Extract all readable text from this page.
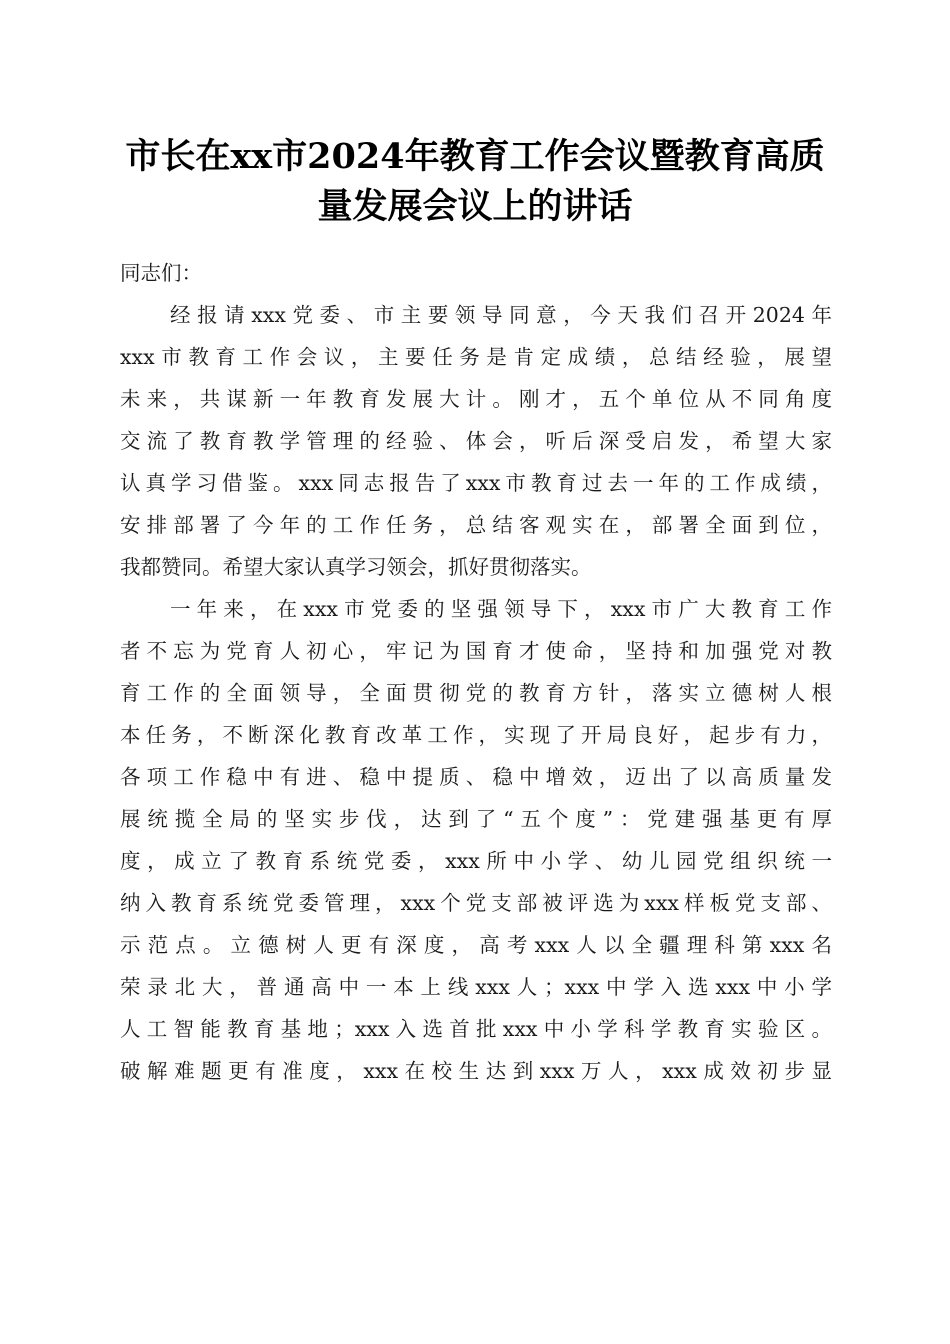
市长在xx市2024年教育工作会议暨教育高质
量发展会议上的讲话
同志们：
经报请xxx党委、市主要领导同意，今天我们召开2024年
xxx市教育工作会议，主要任务是肯定成绩，总结经验，展望
未来，共谋新一年教育发展大计。刚才，五个单位从不同角度
交流了教育教学管理的经验、体会，听后深受启发，希望大家
认真学习借鉴。xxx同志报告了xxx市教育过去一年的工作成绩，
安排部署了今年的工作任务，总结客观实在，部署全面到位，
我都赞同。希望大家认真学习领会，抓好贯彻落实。
一年来，在xxx市党委的坚强领导下，xxx市广大教育工作
者不忘为党育人初心，牢记为国育才使命，坚持和加强党对教
育工作的全面领导，全面贯彻党的教育方针，落实立德树人根
本任务，不断深化教育改革工作，实现了开局良好，起步有力，
各项工作稳中有进、稳中提质、稳中增效，迈出了以高质量发
展统揽全局的坚实步伐，达到了“五个度”：党建强基更有厚
度，成立了教育系统党委，xxx所中小学、幼儿园党组织统一
纳入教育系统党委管理，xxx个党支部被评选为xxx样板党支部、
示范点。立德树人更有深度，高考xxx人以全疆理科第xxx名
荣录北大，普通高中一本上线xxx人；xxx中学入选xxx中小学
人工智能教育基地；xxx入选首批xxx中小学科学教育实验区。
破解难题更有准度，xxx在校生达到xxx万人，xxx成效初步显
